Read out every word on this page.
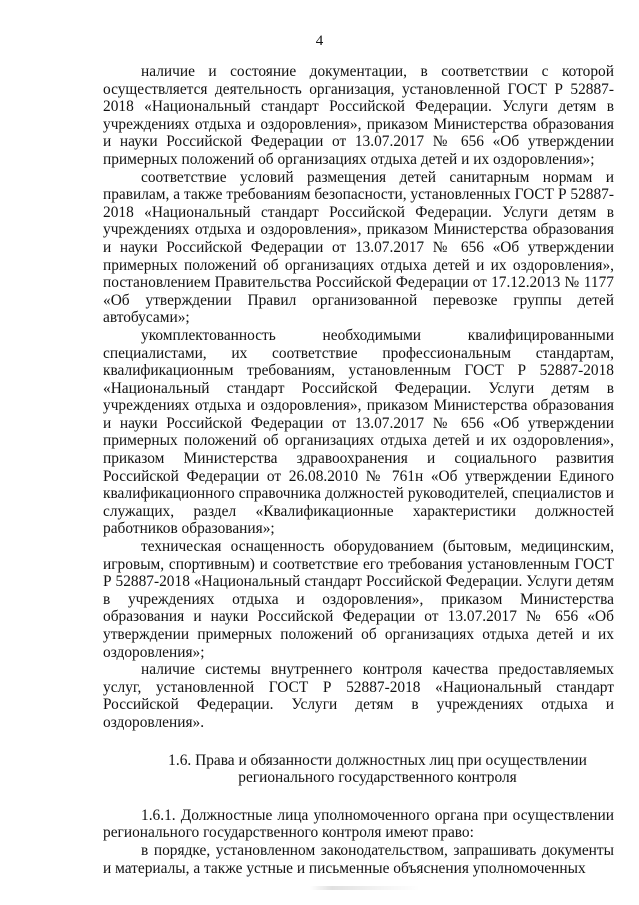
4

наличие и состояние документации, в соответствии с которой осуществляется деятельность организация, установленной ГОСТ Р 52887-2018 «Национальный стандарт Российской Федерации. Услуги детям в учреждениях отдыха и оздоровления», приказом Министерства образования и науки Российской Федерации от 13.07.2017 № 656 «Об утверждении примерных положений об организациях отдыха детей и их оздоровления»;

соответствие условий размещения детей санитарным нормам и правилам, а также требованиям безопасности, установленных ГОСТ Р 52887-2018 «Национальный стандарт Российской Федерации. Услуги детям в учреждениях отдыха и оздоровления», приказом Министерства образования и науки Российской Федерации от 13.07.2017 № 656 «Об утверждении примерных положений об организациях отдыха детей и их оздоровления», постановлением Правительства Российской Федерации от 17.12.2013 № 1177 «Об утверждении Правил организованной перевозке группы детей автобусами»;

укомплектованность необходимыми квалифицированными специалистами, их соответствие профессиональным стандартам, квалификационным требованиям, установленным ГОСТ Р 52887-2018 «Национальный стандарт Российской Федерации. Услуги детям в учреждениях отдыха и оздоровления», приказом Министерства образования и науки Российской Федерации от 13.07.2017 № 656 «Об утверждении примерных положений об организациях отдыха детей и их оздоровления», приказом Министерства здравоохранения и социального развития Российской Федерации от 26.08.2010 № 761н «Об утверждении Единого квалификационного справочника должностей руководителей, специалистов и служащих, раздел «Квалификационные характеристики должностей работников образования»;

техническая оснащенность оборудованием (бытовым, медицинским, игровым, спортивным) и соответствие его требования установленным ГОСТ Р 52887-2018 «Национальный стандарт Российской Федерации. Услуги детям в учреждениях отдыха и оздоровления», приказом Министерства образования и науки Российской Федерации от 13.07.2017 № 656 «Об утверждении примерных положений об организациях отдыха детей и их оздоровления»;

наличие системы внутреннего контроля качества предоставляемых услуг, установленной ГОСТ Р 52887-2018 «Национальный стандарт Российской Федерации. Услуги детям в учреждениях отдыха и оздоровления».

1.6. Права и обязанности должностных лиц при осуществлении
регионального государственного контроля

1.6.1. Должностные лица уполномоченного органа при осуществлении регионального государственного контроля имеют право:

в порядке, установленном законодательством, запрашивать документы и материалы, а также устные и письменные объяснения уполномоченных
